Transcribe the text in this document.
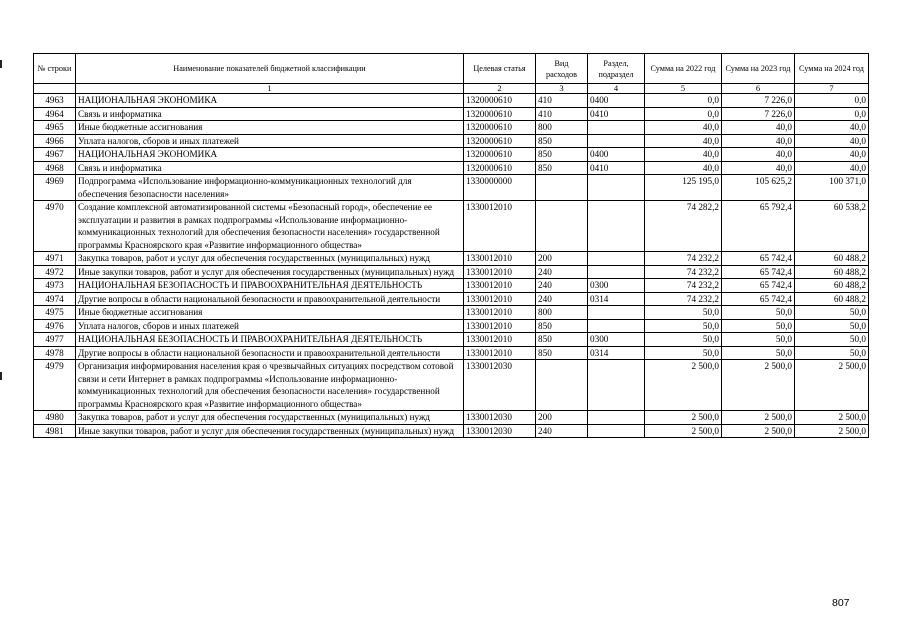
№ строки	Наименование показателей бюджетной классификации	Целевая статья	Вид расходов	Раздел, подраздел	Сумма на 2022 год	Сумма на 2023 год	Сумма на 2024 год
	1	2	3	4	5	6	7
4963	НАЦИОНАЛЬНАЯ ЭКОНОМИКА	1320000610	410	0400	0,0	7 226,0	0,0
4964	Связь и информатика	1320000610	410	0410	0,0	7 226,0	0,0
4965	Иные бюджетные ассигнования	1320000610	800		40,0	40,0	40,0
4966	Уплата налогов, сборов и иных платежей	1320000610	850		40,0	40,0	40,0
4967	НАЦИОНАЛЬНАЯ ЭКОНОМИКА	1320000610	850	0400	40,0	40,0	40,0
4968	Связь и информатика	1320000610	850	0410	40,0	40,0	40,0
4969	Подпрограмма «Использование информационно-коммуникационных технологий для обеспечения безопасности населения»	1330000000			125 195,0	105 625,2	100 371,0
4970	Создание комплексной автоматизированной системы «Безопасный город», обеспечение ее эксплуатации и развития в рамках подпрограммы «Использование информационно-коммуникационных технологий для обеспечения безопасности населения» государственной программы Красноярского края «Развитие информационного общества»	1330012010			74 282,2	65 792,4	60 538,2
4971	Закупка товаров, работ и услуг для обеспечения государственных (муниципальных) нужд	1330012010	200		74 232,2	65 742,4	60 488,2
4972	Иные закупки товаров, работ и услуг для обеспечения государственных (муниципальных) нужд	1330012010	240		74 232,2	65 742,4	60 488,2
4973	НАЦИОНАЛЬНАЯ БЕЗОПАСНОСТЬ И ПРАВООХРАНИТЕЛЬНАЯ ДЕЯТЕЛЬНОСТЬ	1330012010	240	0300	74 232,2	65 742,4	60 488,2
4974	Другие вопросы в области национальной безопасности и правоохранительной деятельности	1330012010	240	0314	74 232,2	65 742,4	60 488,2
4975	Иные бюджетные ассигнования	1330012010	800		50,0	50,0	50,0
4976	Уплата налогов, сборов и иных платежей	1330012010	850		50,0	50,0	50,0
4977	НАЦИОНАЛЬНАЯ БЕЗОПАСНОСТЬ И ПРАВООХРАНИТЕЛЬНАЯ ДЕЯТЕЛЬНОСТЬ	1330012010	850	0300	50,0	50,0	50,0
4978	Другие вопросы в области национальной безопасности и правоохранительной деятельности	1330012010	850	0314	50,0	50,0	50,0
4979	Организация информирования населения края о чрезвычайных ситуациях посредством сотовой связи и сети Интернет в рамках подпрограммы «Использование информационно-коммуникационных технологий для обеспечения безопасности населения» государственной программы Красноярского края «Развитие информационного общества»	1330012030			2 500,0	2 500,0	2 500,0
4980	Закупка товаров, работ и услуг для обеспечения государственных (муниципальных) нужд	1330012030	200		2 500,0	2 500,0	2 500,0
4981	Иные закупки товаров, работ и услуг для обеспечения государственных (муниципальных) нужд	1330012030	240		2 500,0	2 500,0	2 500,0
807
